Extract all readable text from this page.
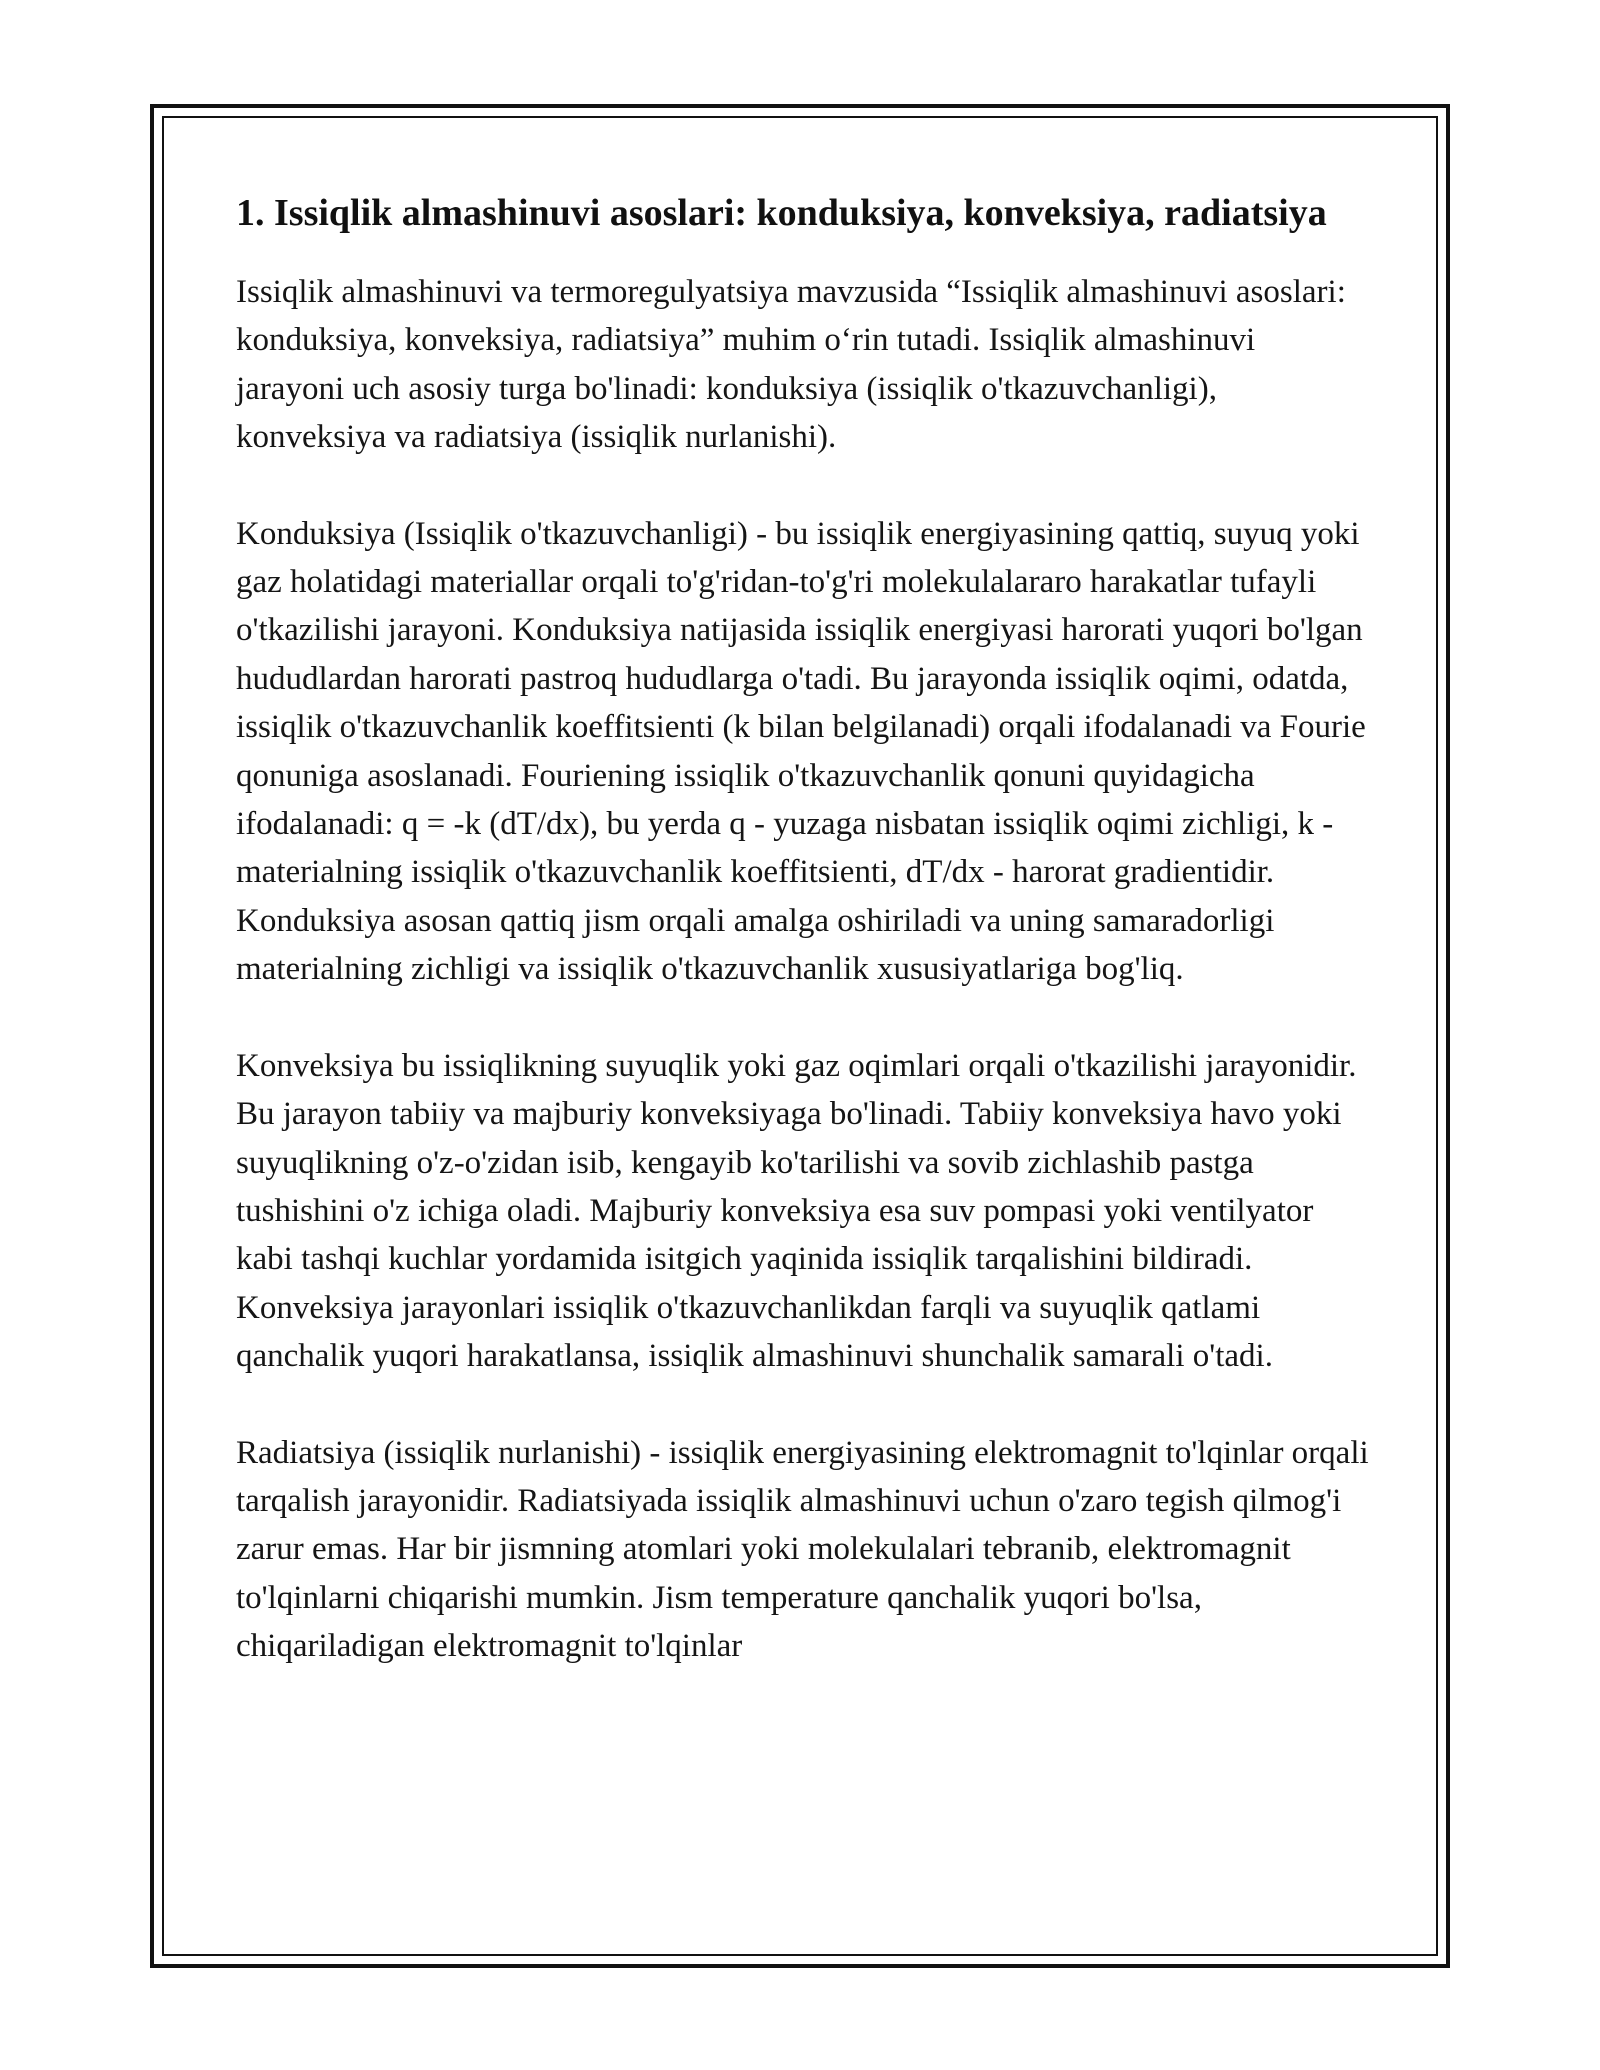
1. Issiqlik almashinuvi asoslari: konduksiya, konveksiya, radiatsiya

Issiqlik almashinuvi va termoregulyatsiya mavzusida “Issiqlik almashinuvi asoslari: konduksiya, konveksiya, radiatsiya” muhim o‘rin tutadi. Issiqlik almashinuvi jarayoni uch asosiy turga bo'linadi: konduksiya (issiqlik o'tkazuvchanligi), konveksiya va radiatsiya (issiqlik nurlanishi).

Konduksiya (Issiqlik o'tkazuvchanligi) - bu issiqlik energiyasining qattiq, suyuq yoki gaz holatidagi materiallar orqali to'g'ridan-to'g'ri molekulalararo harakatlar tufayli o'tkazilishi jarayoni. Konduksiya natijasida issiqlik energiyasi harorati yuqori bo'lgan hududlardan harorati pastroq hududlarga o'tadi. Bu jarayonda issiqlik oqimi, odatda, issiqlik o'tkazuvchanlik koeffitsienti (k bilan belgilanadi) orqali ifodalanadi va Fourie qonuniga asoslanadi. Fouriening issiqlik o'tkazuvchanlik qonuni quyidagicha ifodalanadi: q = -k (dT/dx), bu yerda q - yuzaga nisbatan issiqlik oqimi zichligi, k - materialning issiqlik o'tkazuvchanlik koeffitsienti, dT/dx - harorat gradientidir. Konduksiya asosan qattiq jism orqali amalga oshiriladi va uning samaradorligi materialning zichligi va issiqlik o'tkazuvchanlik xususiyatlariga bog'liq.

Konveksiya bu issiqlikning suyuqlik yoki gaz oqimlari orqali o'tkazilishi jarayonidir. Bu jarayon tabiiy va majburiy konveksiyaga bo'linadi. Tabiiy konveksiya havo yoki suyuqlikning o'z-o'zidan isib, kengayib ko'tarilishi va sovib zichlashib pastga tushishini o'z ichiga oladi. Majburiy konveksiya esa suv pompasi yoki ventilyator kabi tashqi kuchlar yordamida isitgich yaqinida issiqlik tarqalishini bildiradi. Konveksiya jarayonlari issiqlik o'tkazuvchanlikdan farqli va suyuqlik qatlami qanchalik yuqori harakatlansa, issiqlik almashinuvi shunchalik samarali o'tadi.

Radiatsiya (issiqlik nurlanishi) - issiqlik energiyasining elektromagnit to'lqinlar orqali tarqalish jarayonidir. Radiatsiyada issiqlik almashinuvi uchun o'zaro tegish qilmog'i zarur emas. Har bir jismning atomlari yoki molekulalari tebranib, elektromagnit to'lqinlarni chiqarishi mumkin. Jism temperature qanchalik yuqori bo'lsa, chiqariladigan elektromagnit to'lqinlar
